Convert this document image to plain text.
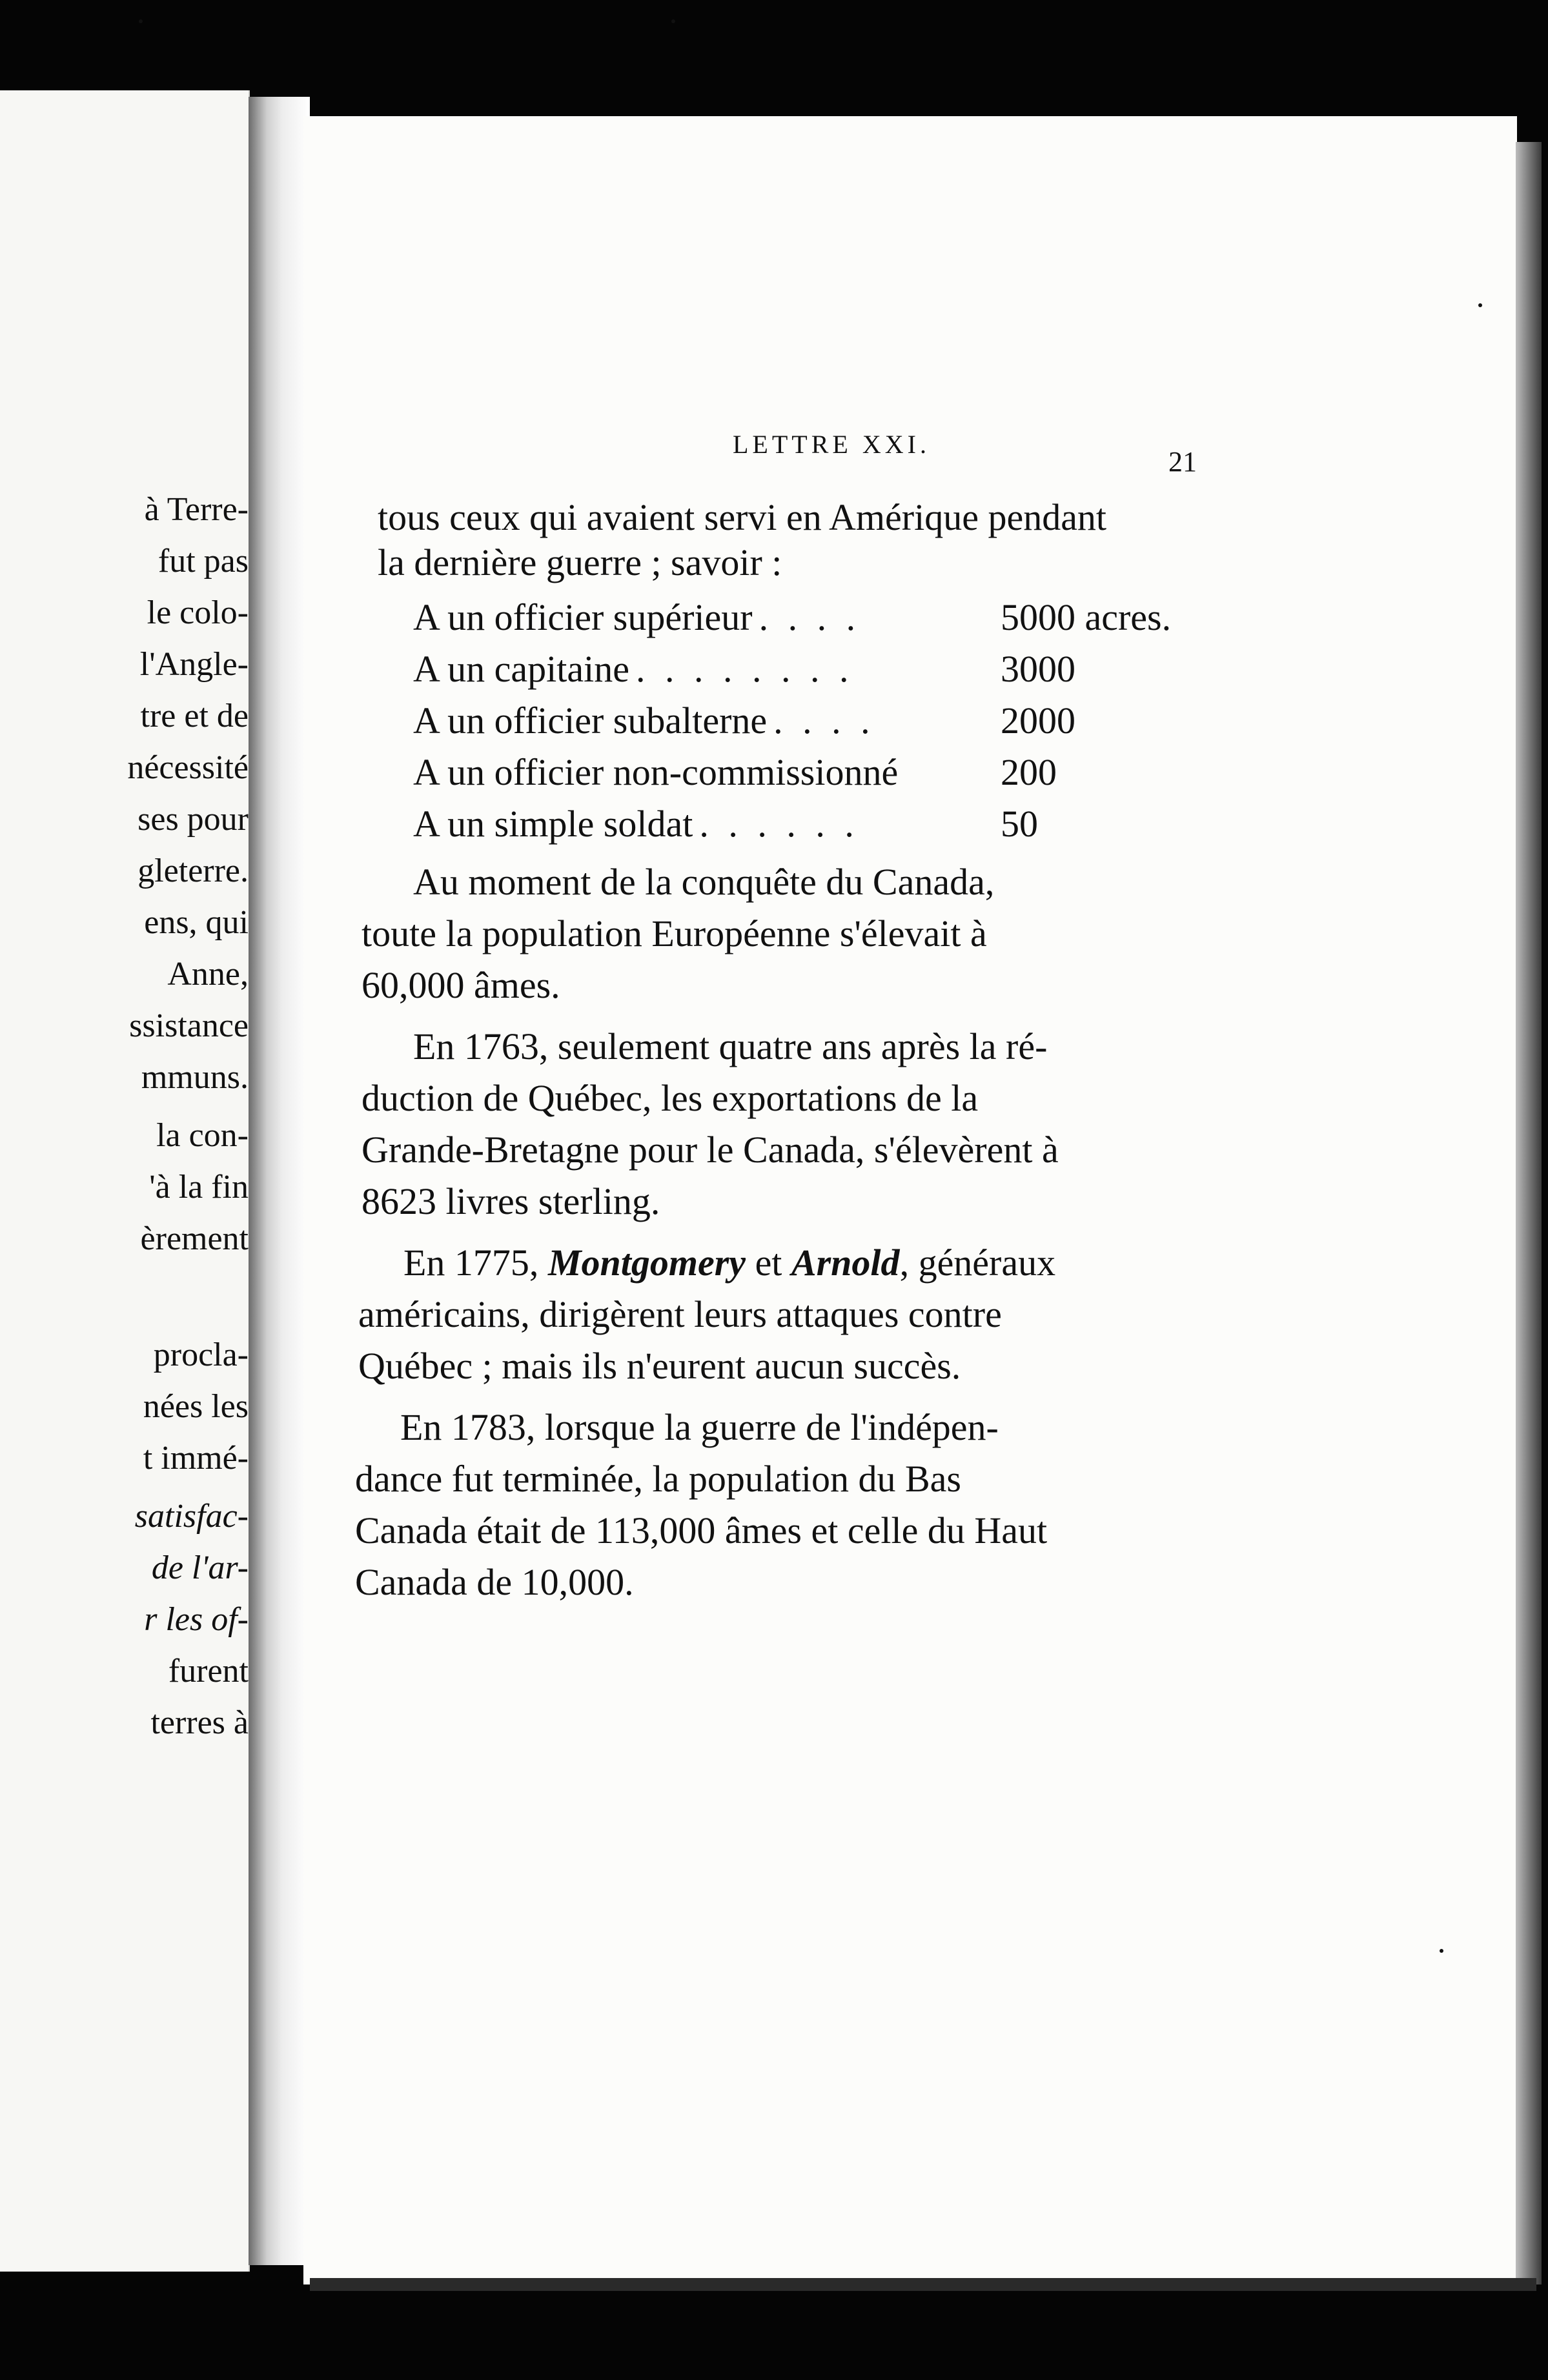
à Terre-
fut pas
le colo-
l'Angle-
tre et de
nécessité
ses pour
gleterre.
ens, qui
Anne,
ssistance
mmuns.
la con-
'à la fin
èrement
procla-
nées les
t immé-
satisfac-
de l'ar-
r les of-
furent
terres à
LETTRE XXI.
21
tous ceux qui avaient servi en Amérique pendant
la dernière guerre ; savoir :
A un officier supérieur . . . .	5000 acres.
A un capitaine . . . . . . . .	3000
A un officier subalterne . . . .	2000
A un officier non-commissionné	200
A un simple soldat . . . . . .	50
Au moment de la conquête du Canada,
toute la population Européenne s'élevait à
60,000 âmes.
En 1763, seulement quatre ans après la ré-
duction de Québec, les exportations de la
Grande-Bretagne pour le Canada, s'élevèrent à
8623 livres sterling.
En 1775, Montgomery et Arnold, généraux
américains, dirigèrent leurs attaques contre
Québec ; mais ils n'eurent aucun succès.
En 1783, lorsque la guerre de l'indépen-
dance fut terminée, la population du Bas
Canada était de 113,000 âmes et celle du Haut
Canada de 10,000.
